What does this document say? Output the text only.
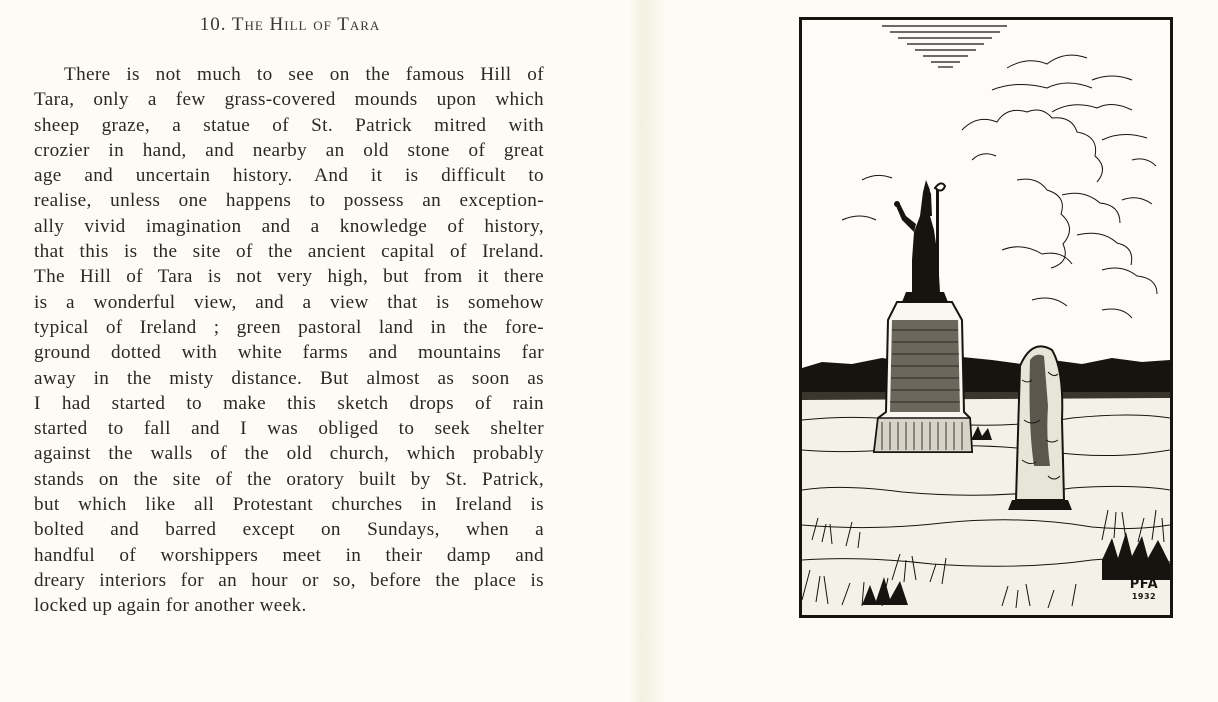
10. The Hill of Tara
There is not much to see on the famous Hill of
Tara, only a few grass-covered mounds upon which
sheep graze, a statue of St. Patrick mitred with
crozier in hand, and nearby an old stone of great
age and uncertain history. And it is difficult to
realise, unless one happens to possess an exception-
ally vivid imagination and a knowledge of history,
that this is the site of the ancient capital of Ireland.
The Hill of Tara is not very high, but from it there
is a wonderful view, and a view that is somehow
typical of Ireland ; green pastoral land in the fore-
ground dotted with white farms and mountains far
away in the misty distance. But almost as soon as
I had started to make this sketch drops of rain
started to fall and I was obliged to seek shelter
against the walls of the old church, which probably
stands on the site of the oratory built by St. Patrick,
but which like all Protestant churches in Ireland is
bolted and barred except on Sundays, when a
handful of worshippers meet in their damp and
dreary interiors for an hour or so, before the place is
locked up again for another week.
PFA
1932
